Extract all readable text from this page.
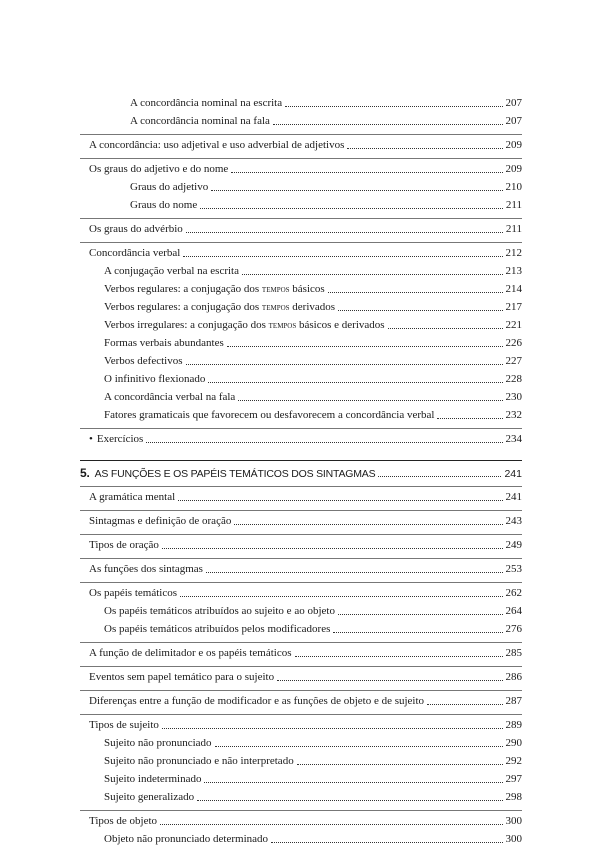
A concordância nominal na escrita	207
A concordância nominal na fala	207
A concordância: uso adjetival e uso adverbial de adjetivos	209
Os graus do adjetivo e do nome	209
Graus do adjetivo	210
Graus do nome	211
Os graus do advérbio	211
Concordância verbal	212
A conjugação verbal na escrita	213
Verbos regulares: a conjugação dos tempos básicos	214
Verbos regulares: a conjugação dos tempos derivados	217
Verbos irregulares: a conjugação dos tempos básicos e derivados	221
Formas verbais abundantes	226
Verbos defectivos	227
O infinitivo flexionado	228
A concordância verbal na fala	230
Fatores gramaticais que favorecem ou desfavorecem a concordância verbal	232
• Exercícios	234
5. AS FUNÇÕES E OS PAPÉIS TEMÁTICOS DOS SINTAGMAS	241
A gramática mental	241
Sintagmas e definição de oração	243
Tipos de oração	249
As funções dos sintagmas	253
Os papéis temáticos	262
Os papéis temáticos atribuídos ao sujeito e ao objeto	264
Os papéis temáticos atribuídos pelos modificadores	276
A função de delimitador e os papéis temáticos	285
Eventos sem papel temático para o sujeito	286
Diferenças entre a função de modificador e as funções de objeto e de sujeito	287
Tipos de sujeito	289
Sujeito não pronunciado	290
Sujeito não pronunciado e não interpretado	292
Sujeito indeterminado	297
Sujeito generalizado	298
Tipos de objeto	300
Objeto não pronunciado determinado	300
